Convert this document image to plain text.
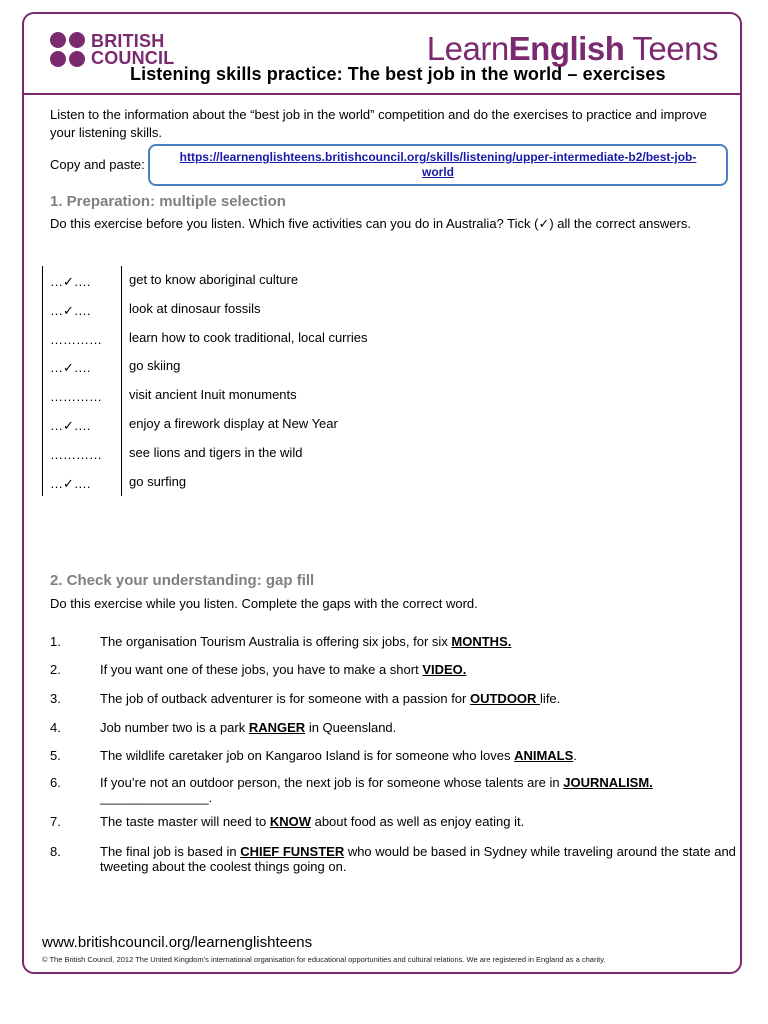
BRITISH
COUNCIL	LearnEnglish Teens
Listening skills practice: The best job in the world – exercises
Listen to the information about the “best job in the world” competition and do the exercises to practice and improve your listening skills.
Copy and paste:	https://learnenglishteens.britishcouncil.org/skills/listening/upper-intermediate-b2/best-job-world
1. Preparation: multiple selection
Do this exercise before you listen. Which five activities can you do in Australia? Tick (✓) all the correct answers.
…✓….	get to know aboriginal culture
…✓….	look at dinosaur fossils
…………	learn how to cook traditional, local curries
…✓….	go skiing
…………	visit ancient Inuit monuments
…✓….	enjoy a firework display at New Year
…………	see lions and tigers in the wild
…✓….	go surfing
2. Check your understanding: gap fill
Do this exercise while you listen. Complete the gaps with the correct word.
1.	The organisation Tourism Australia is offering six jobs, for six MONTHS.
2.	If you want one of these jobs, you have to make a short VIDEO.
3.	The job of outback adventurer is for someone with a passion for OUTDOOR life.
4.	Job number two is a park RANGER in Queensland.
5.	The wildlife caretaker job on Kangaroo Island is for someone who loves ANIMALS.
6.	If you’re not an outdoor person, the next job is for someone whose talents are in JOURNALISM. _______________.
7.	The taste master will need to KNOW about food as well as enjoy eating it.
8.	The final job is based in CHIEF FUNSTER who would be based in Sydney while traveling around the state and tweeting about the coolest things going on.
www.britishcouncil.org/learnenglishteens
© The British Council, 2012 The United Kingdom’s international organisation for educational opportunities and cultural relations. We are registered in England as a charity.
